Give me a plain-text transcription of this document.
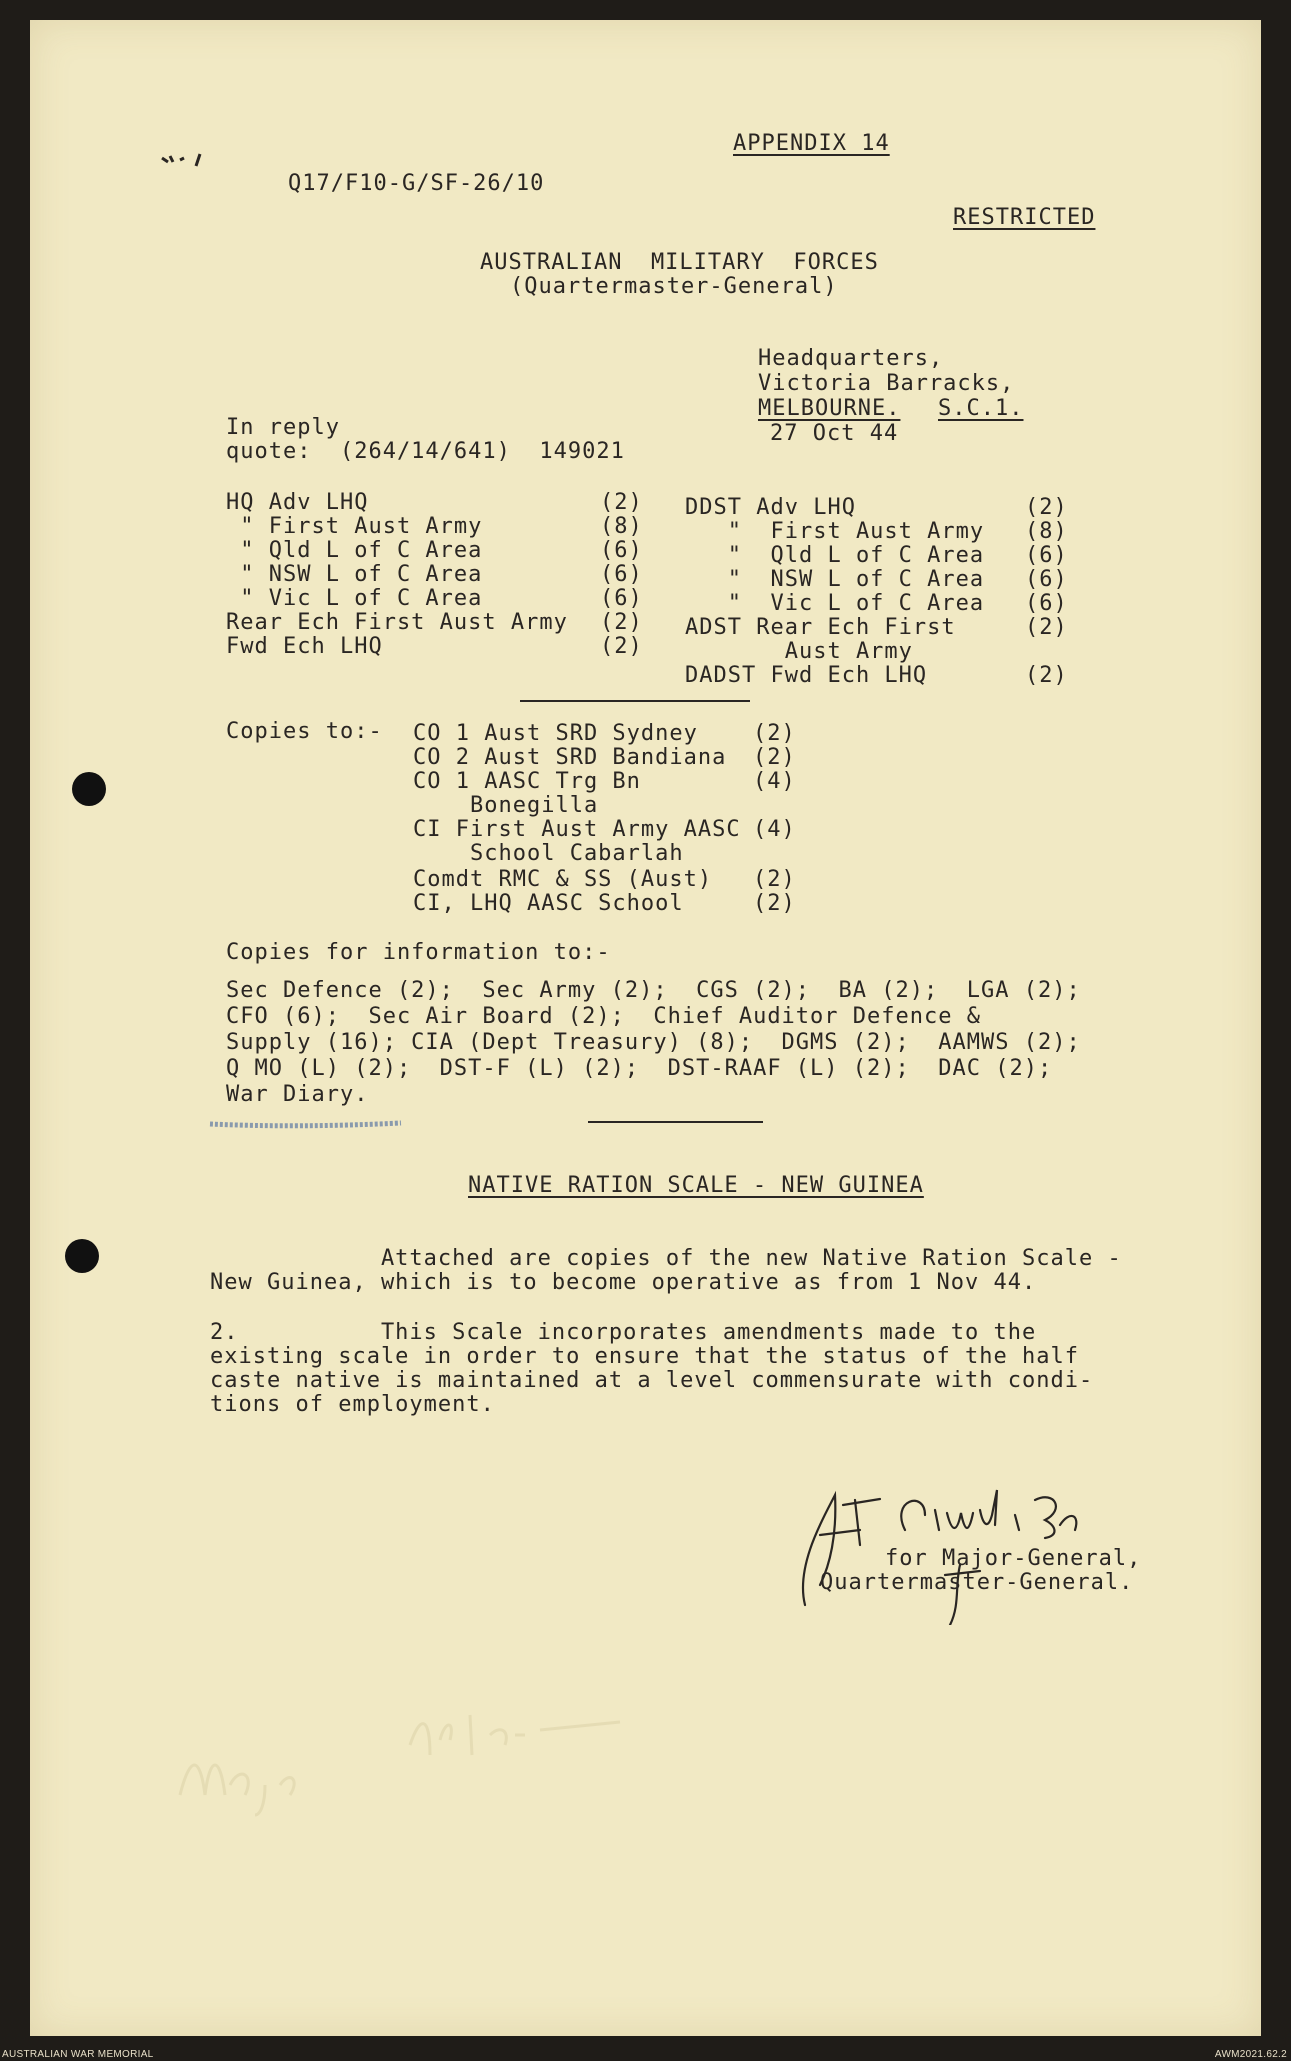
APPENDIX 14
Q17/F10-G/SF-26/10
RESTRICTED
AUSTRALIAN  MILITARY  FORCES
(Quartermaster-General)
Headquarters,
Victoria Barracks,
MELBOURNE. S.C.1.
27 Oct 44
In reply
quote:  (264/14/641)  149021
HQ Adv LHQ	(2)
" First Aust Army	(8)
" Qld L of C Area	(6)
" NSW L of C Area	(6)
" Vic L of C Area	(6)
Rear Ech First Aust Army (2)
Fwd Ech LHQ	(2)
DDST Adv LHQ	(2)
"  First Aust Army (8)
"  Qld L of C Area (6)
"  NSW L of C Area (6)
"  Vic L of C Area (6)
ADST Rear Ech First	(2)
Aust Army
DADST Fwd Ech LHQ	(2)
Copies to:- CO 1 Aust SRD Sydney	(2)
CO 2 Aust SRD Bandiana (2)
CO 1 AASC Trg Bn	(4)
Bonegilla
CI First Aust Army AASC (4)
School Cabarlah
Comdt RMC & SS (Aust) (2)
CI, LHQ AASC School	(2)
Copies for information to:-
Sec Defence (2);  Sec Army (2);  CGS (2);  BA (2);  LGA (2);
CFO (6);  Sec Air Board (2);  Chief Auditor Defence &
Supply (16); CIA (Dept Treasury) (8);  DGMS (2);  AAMWS (2);
Q MO (L) (2);  DST-F (L) (2);  DST-RAAF (L) (2);  DAC (2);
War Diary.
NATIVE RATION SCALE - NEW GUINEA
Attached are copies of the new Native Ration Scale -
New Guinea, which is to become operative as from 1 Nov 44.
2.          This Scale incorporates amendments made to the
existing scale in order to ensure that the status of the half
caste native is maintained at a level commensurate with condi-
tions of employment.
for Major-General,
Quartermaster-General.
AUSTRALIAN WAR MEMORIAL	AWM2021.62.2
